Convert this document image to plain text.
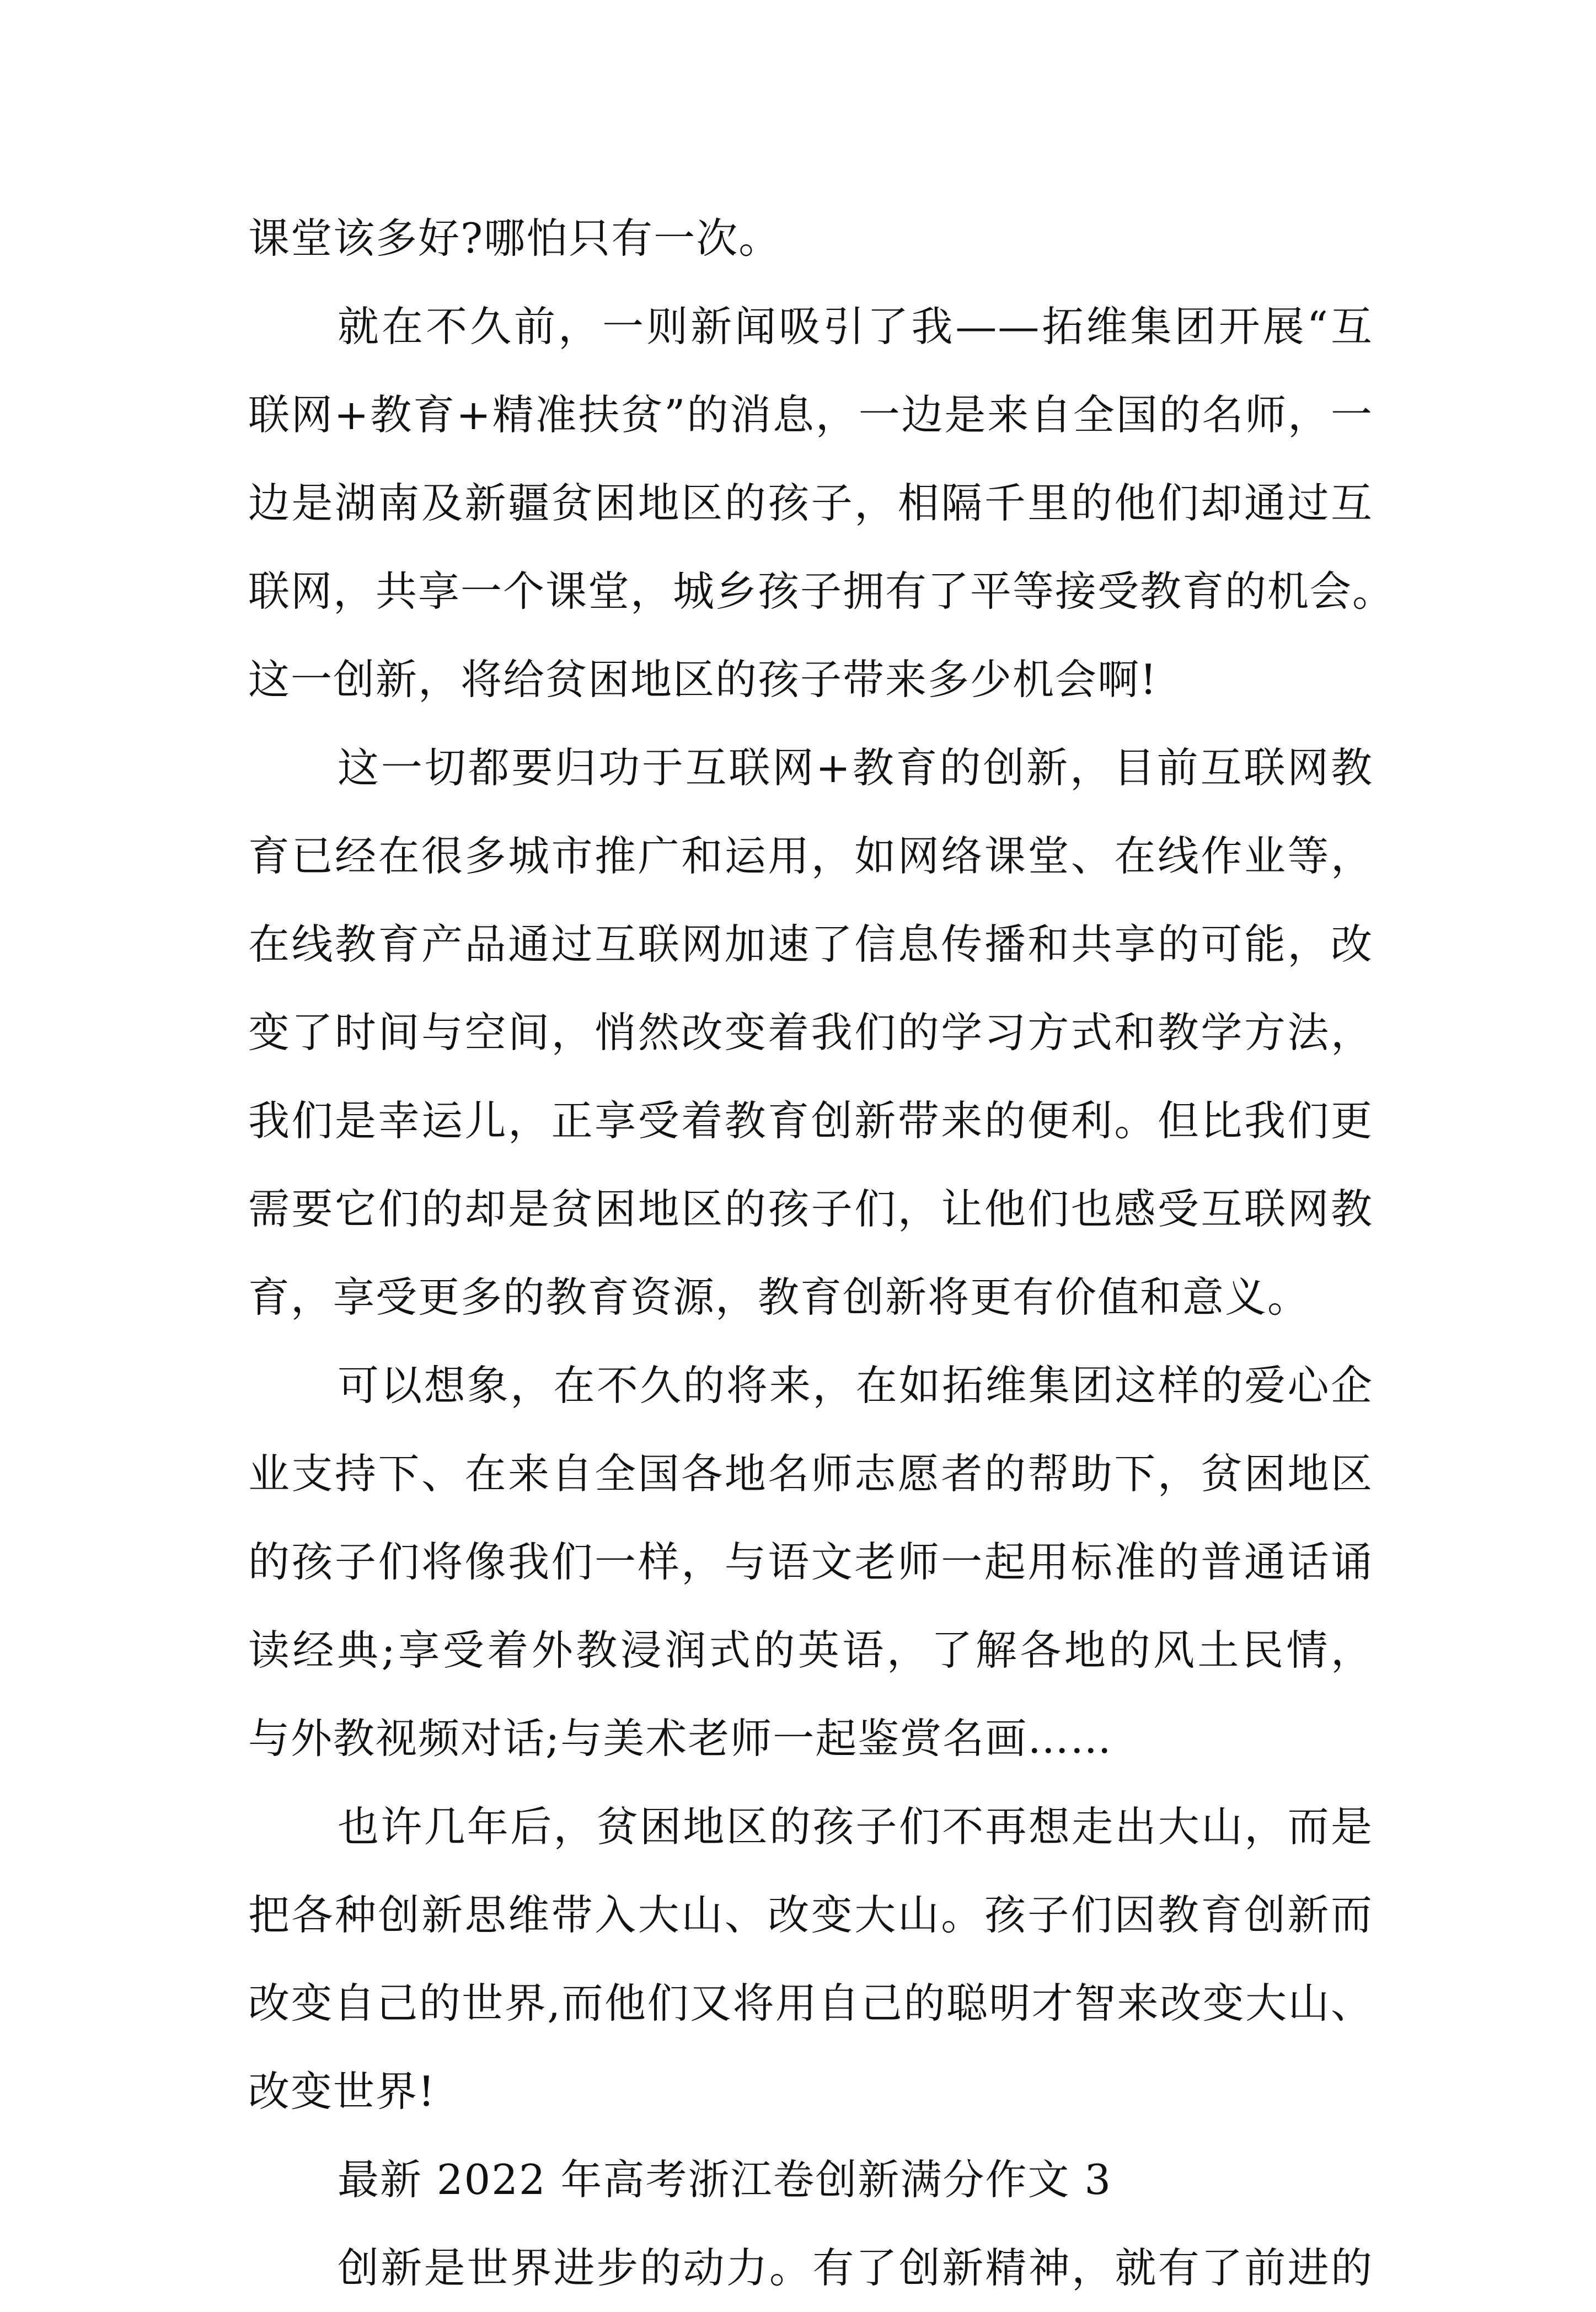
课堂该多好?哪怕只有一次。
就在不久前，一则新闻吸引了我——拓维集团开展“互
联网+教育+精准扶贫”的消息，一边是来自全国的名师，一
边是湖南及新疆贫困地区的孩子，相隔千里的他们却通过互
联网，共享一个课堂，城乡孩子拥有了平等接受教育的机会。
这一创新，将给贫困地区的孩子带来多少机会啊!
这一切都要归功于互联网+教育的创新，目前互联网教
育已经在很多城市推广和运用，如网络课堂、在线作业等，
在线教育产品通过互联网加速了信息传播和共享的可能，改
变了时间与空间，悄然改变着我们的学习方式和教学方法，
我们是幸运儿，正享受着教育创新带来的便利。但比我们更
需要它们的却是贫困地区的孩子们，让他们也感受互联网教
育，享受更多的教育资源，教育创新将更有价值和意义。
可以想象，在不久的将来，在如拓维集团这样的爱心企
业支持下、在来自全国各地名师志愿者的帮助下，贫困地区
的孩子们将像我们一样，与语文老师一起用标准的普通话诵
读经典;享受着外教浸润式的英语，了解各地的风土民情，
与外教视频对话;与美术老师一起鉴赏名画……
也许几年后，贫困地区的孩子们不再想走出大山，而是
把各种创新思维带入大山、改变大山。孩子们因教育创新而
改变自己的世界,而他们又将用自己的聪明才智来改变大山、
改变世界!
最新 2022 年高考浙江卷创新满分作文 3
创新是世界进步的动力。有了创新精神，就有了前进的
